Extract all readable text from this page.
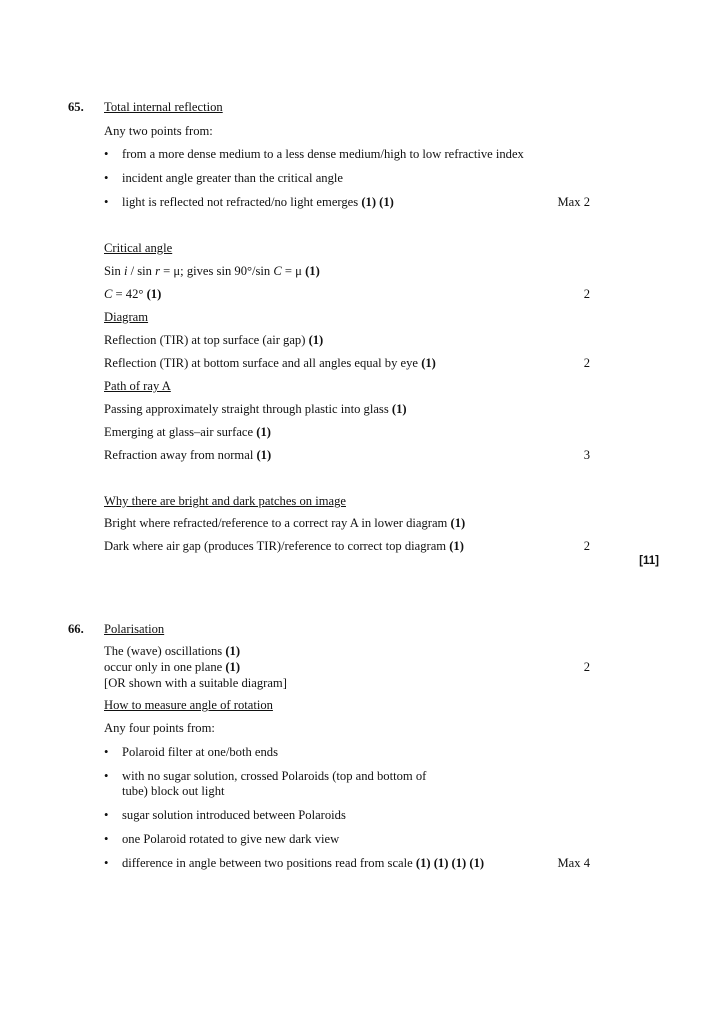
65. Total internal reflection
Any two points from:
• from a more dense medium to a less dense medium/high to low refractive index
• incident angle greater than the critical angle
• light is reflected not refracted/no light emerges (1) (1)	Max 2
Critical angle
Sin i / sin r = μ; gives sin 90°/sin C = μ (1)
C = 42° (1)	2
Diagram
Reflection (TIR) at top surface (air gap) (1)
Reflection (TIR) at bottom surface and all angles equal by eye (1)	2
Path of ray A
Passing approximately straight through plastic into glass (1)
Emerging at glass–air surface (1)
Refraction away from normal (1)	3
Why there are bright and dark patches on image
Bright where refracted/reference to a correct ray A in lower diagram (1)
Dark where air gap (produces TIR)/reference to correct top diagram (1)	2
[11]
66. Polarisation
The (wave) oscillations (1)
occur only in one plane (1)	2
[OR shown with a suitable diagram]
How to measure angle of rotation
Any four points from:
• Polaroid filter at one/both ends
• with no sugar solution, crossed Polaroids (top and bottom of
tube) block out light
• sugar solution introduced between Polaroids
• one Polaroid rotated to give new dark view
• difference in angle between two positions read from scale (1) (1) (1) (1)	Max 4
